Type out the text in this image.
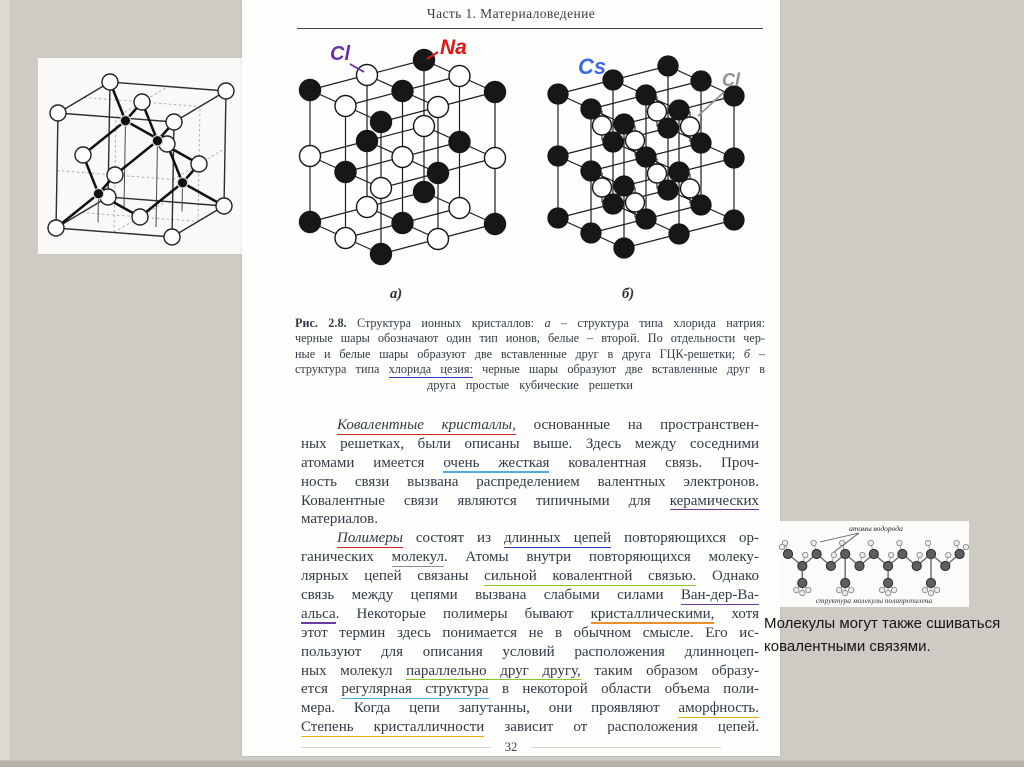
Часть 1. Материаловедение
Cl	Na
Cs
Cl
а)	б)
Рис. 2.8. Структура ионных кристаллов: а – структура типа хлорида натрия:
черные шары обозначают один тип ионов, белые – второй. По отдельности чер-
ные и белые шары образуют две вставленные друг в друга ГЦК-решетки; б –
структура типа хлорида цезия: черные шары образуют две вставленные друг в
друга простые кубические решетки
Ковалентные кристаллы, основанные на пространствен-
ных решетках, были описаны выше. Здесь между соседними
атомами имеется очень жесткая ковалентная связь. Проч-
ность связи вызвана распределением валентных электронов.
Ковалентные связи являются типичными для керамических
материалов.
Полимеры состоят из длинных цепей повторяющихся ор-
ганических молекул. Атомы внутри повторяющихся молеку-
лярных цепей связаны сильной ковалентной связью. Однако
связь между цепями вызвана слабыми силами Ван-дер-Ва-
альса. Некоторые полимеры бывают кристаллическими, хотя
этот термин здесь понимается не в обычном смысле. Его ис-
пользуют для описания условий расположения длинноцеп-
ных молекул параллельно друг другу, таким образом образу-
ется регулярная структура в некоторой области объема поли-
мера. Когда цепи запутанны, они проявляют аморфность.
Степень кристалличности зависит от расположения цепей.
32
атомы водорода
структура молекулы полипропилена
Молекулы могут также сшиваться
ковалентными связями.
